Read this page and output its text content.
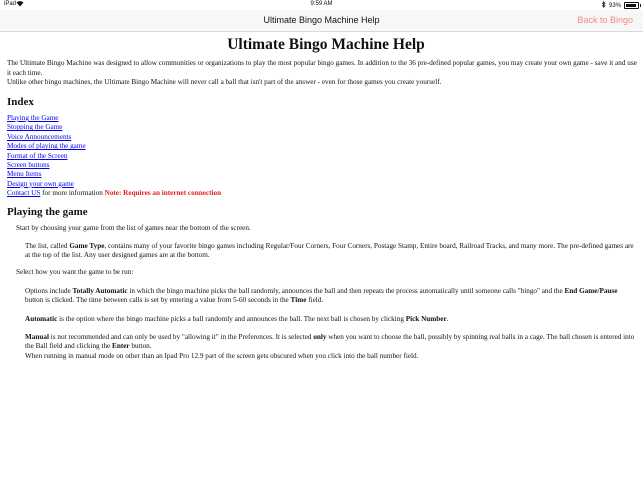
iPad	9:59 AM	93%
Ultimate Bingo Machine Help	Back to Bingo
Ultimate Bingo Machine Help

The Ultimate Bingo Machine was designed to allow communities or organizations to play the most popular bingo games. In addition to the 36 pre-defined popular games, you may create your own game - save it and use it each time.

Unlike other bingo machines, the Ultimate Bingo Machine will never call a ball that isn't part of the answer - even for those games you create yourself.

Index
Playing the Game
Stopping the Game
Voice Announcements
Modes of playing the game
Format of the Screen
Screen buttons
Menu Items
Design your own game
Contact US for more information Note: Requires an internet connection
Playing the game

Start by choosing your game from the list of games near the bottom of the screen.

The list, called Game Type, contains many of your favorite bingo games including Regular/Four Corners, Four Corners, Postage Stamp, Entire board, Railroad Tracks, and many more. The pre-defined games are at the top of the list. Any user designed games are at the bottom.

Select how you want the game to be run:

Options include Totally Automatic in which the bingo machine picks the ball randomly, announces the ball and then repeats the process automatically until someone calls "bingo" and the End Game/Pause button is clicked. The time between calls is set by entering a value from 5-60 seconds in the Time field.

Automatic is the option where the bingo machine picks a ball randomly and announces the ball. The next ball is chosen by clicking Pick Number.

Manual is not recommended and can only be used by "allowing it" in the Preferences. It is selected only when you want to choose the ball, possibly by spinning real balls in a cage. The ball chosen is entered into the Ball field and clicking the Enter button.

When running in manual mode on other than an Ipad Pro 12.9 part of the screen gets obscured when you click into the ball number field.
